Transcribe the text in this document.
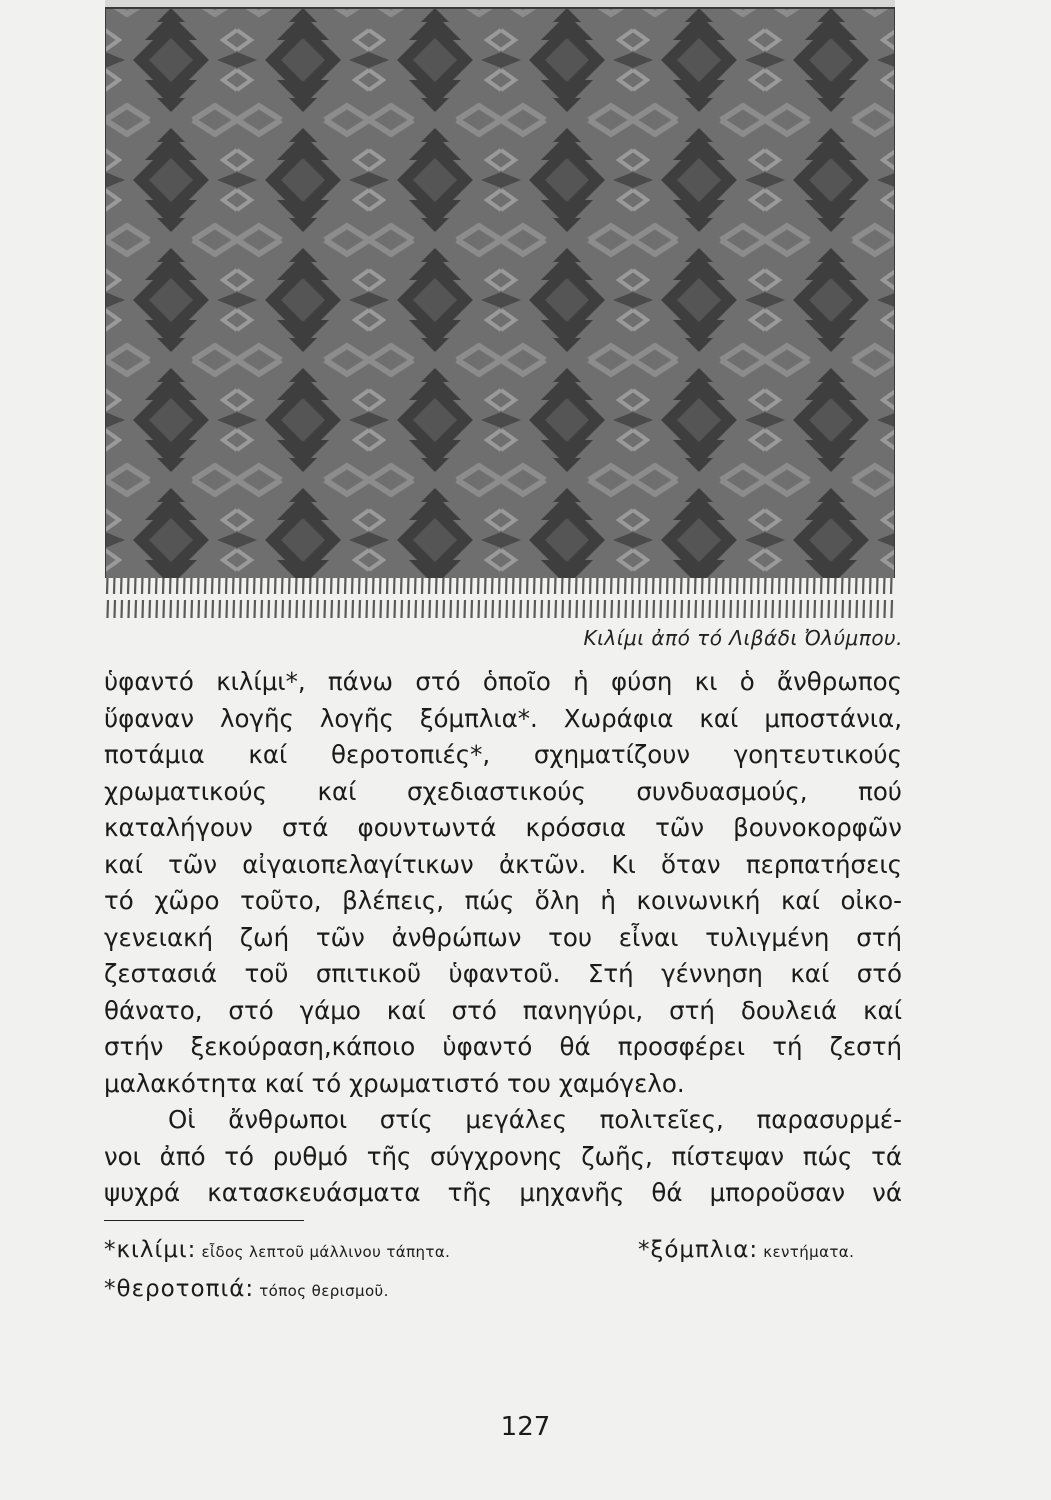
Κιλίμι ἀπό τό Λιβάδι Ὀλύμπου.
ὑφαντό κιλίμι*, πάνω στό ὁποῖο ἡ φύση κι ὁ ἄνθρωπος
ὕφαναν λογῆς λογῆς ξόμπλια*. Χωράφια καί μποστάνια,
ποτάμια καί θεροτοπιές*, σχηματίζουν γοητευτικούς
χρωματικούς καί σχεδιαστικούς συνδυασμούς, πού
καταλήγουν στά φουντωντά κρόσσια τῶν βουνοκορφῶν
καί τῶν αἰγαιοπελαγίτικων ἀκτῶν. Κι ὅταν περπατήσεις
τό χῶρο τοῦτο, βλέπεις, πώς ὅλη ἡ κοινωνική καί οἰκο-
γενειακή ζωή τῶν ἀνθρώπων του εἶναι τυλιγμένη στή
ζεστασιά τοῦ σπιτικοῦ ὑφαντοῦ. Στή γέννηση καί στό
θάνατο, στό γάμο καί στό πανηγύρι, στή δουλειά καί
στήν ξεκούραση,κάποιο ὑφαντό θά προσφέρει τή ζεστή
μαλακότητα καί τό χρωματιστό του χαμόγελο.
Οἱ ἄνθρωποι στίς μεγάλες πολιτεῖες, παρασυρμέ-
νοι ἀπό τό ρυθμό τῆς σύγχρονης ζωῆς, πίστεψαν πώς τά
ψυχρά κατασκευάσματα τῆς μηχανῆς θά μποροῦσαν νά
*κιλίμι: εἶδος λεπτοῦ μάλλινου τάπητα.	*ξόμπλια: κεντήματα.
*θεροτοπιά: τόπος θερισμοῦ.
127
